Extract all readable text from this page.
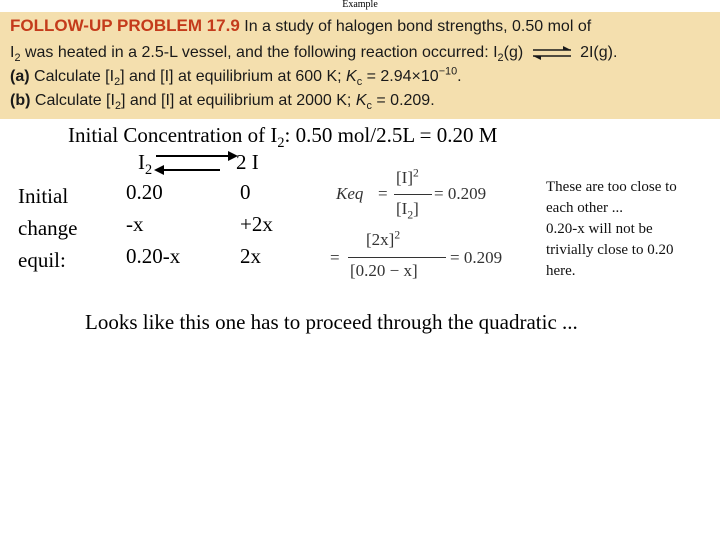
Example
FOLLOW-UP PROBLEM 17.9 In a study of halogen bond strengths, 0.50 mol of
$I_2$ was heated in a 2.5-L vessel, and the following reaction occurred: $I_2(g)$ ⇌ 2I(g).
(a) Calculate $[I_2]$ and [I] at equilibrium at 600 K; $K_c = 2.94\times 10^{-10}$.
(b) Calculate $[I_2]$ and [I] at equilibrium at 2000 K; $K_c = 0.209$.
Initial Concentration of $I_2$: 0.50 mol/2.5L = 0.20 M
$I_2$	2 I
Initial
change
equil:
0.20
-x
0.20-x
0
+2x
2x
Keq =
$[I]^2$
$[I_2]$
= 0.209
=
$[2x]^2$
[0.20 − x]
= 0.209
These are too close to
each other ...
0.20-x will not be
trivially close to 0.20
here.
Looks like this one has to proceed through the quadratic ...
